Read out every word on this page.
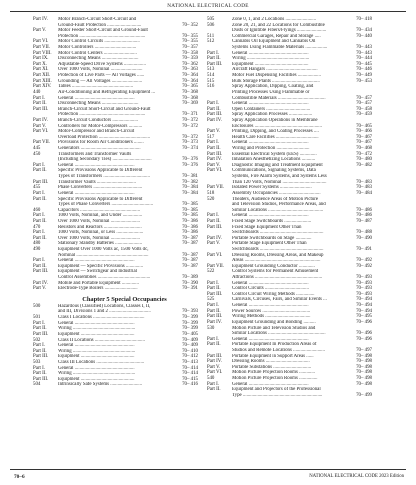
NATIONAL ELECTRICAL CODE
Part IV.	Motor Branch-Circuit Short-Circuit and
Ground-Fault Protection ............................	70– 352
Part V.	Motor Feeder Short-Circuit and Ground-Fault
Protection ......................................................	70– 355
Part VI.	Motor Control Circuits .............................	70– 355
Part VII.	Motor Controllers ..................................	70– 357
Part VIII.	Motor Control Centers ...........................	70– 358
Part IX.	Disconnecting Means ..............................	70– 359
Part X.	Adjustable-Speed Drive Systems ..................	70– 362
Part XI.	Over 1000 Volts, Nominal ..........................	70– 363
Part XII.	Protection of Live Parts — All Voltages ......	70– 364
Part XIII.	Grounding — All Voltages .........................	70– 364
Part XIV.	Tables ..................................................	70– 365
440	Air-Conditioning and Refrigerating Equipment ...	70– 368
Part I.	General .................................................	70– 368
Part II.	Disconnecting Means ..............................	70– 369
Part III.	Branch-Circuit Short-Circuit and Ground-Fault
Protection ......................................................	70– 371
Part IV.	Branch-Circuit Conductors .....................	70– 372
Part V.	Controllers for Motor-Compressors ...........	70– 372
Part VI.	Motor-Compressor and Branch-Circuit
Overload Protection ..........................................	70– 372
Part VII.	Provisions for Room Air Conditioners ........	70– 373
445	Generators .................................................	70– 374
450	Transformers and Transformer Vaults
(Including Secondary Ties) ................................	70– 376
Part I.	General .................................................	70– 376
Part II.	Specific Provisions Applicable to Different
Types of Transformers ......................................	70– 381
Part III.	Transformer Vaults ................................	70– 382
455	Phase Converters ........................................	70– 384
Part I.	General .................................................	70– 384
Part II.	Specific Provisions Applicable to Different
Types of Phase Converters ..................................	70– 385
460	Capacitors .................................................	70– 385
Part I.	1000 Volts, Nominal, and Under ................	70– 385
Part II.	Over 1000 Volts, Nominal ........................	70– 386
470	Resistors and Reactors ...............................	70– 386
Part I.	1000 Volts, Nominal, or Less ......................	70– 386
Part II.	Over 1000 Volts, Nominal ........................	70– 387
480	Stationary Standby Batteries ......................	70– 387
490	Equipment Over 1000 Volts ac, 1500 Volts dc,
Nominal ...........................................................	70– 387
Part I.	General .................................................	70– 387
Part II.	Equipment — Specific Provisions ..............	70– 387
Part III.	Equipment — Switchgear and Industrial
Control Assemblies ...........................................	70– 389
Part IV.	Mobile and Portable Equipment ..............	70– 390
Part V.	Electrode-Type Boilers ...........................	70– 391
Chapter 5 Special Occupancies
500	Hazardous (Classified) Locations, Classes I, II,
and III, Divisions 1 and 2 ..................................	70– 393
501	Class I Locations ..........................................	70– 399
Part I.	General .................................................	70– 399
Part II.	Wiring ...................................................	70– 399
Part III.	Equipment ............................................	70– 405
502	Class II Locations .........................................	70– 409
Part I.	General .................................................	70– 409
Part II.	Wiring ...................................................	70– 410
Part III.	Equipment ............................................	70– 412
503	Class III Locations .......................................	70– 413
Part I.	General .................................................	70– 414
Part II.	Wiring ...................................................	70– 414
Part III.	Equipment ............................................	70– 415
504	Intrinsically Safe Systems ..........................	70– 416
505	Zone 0, 1, and 2 Locations .........................	70– 418
506	Zone 20, 21, and 22 Locations for Combustible
Dusts or Ignitible Fibers/Flyings ........................	70– 434
511	Commercial Garages, Repair and Storage .....	70– 440
512	Cannabis Oil Equipment and Cannabis Oil
Systems Using Flammable Materials ..................	70– 443
Part I.	General .................................................	70– 443
Part II.	Wiring ...................................................	70– 444
Part III.	Equipment ............................................	70– 445
513	Aircraft Hangars ..........................................	70– 446
514	Motor Fuel Dispensing Facilities ...................	70– 449
515	Bulk Storage Plants .......................................	70– 453
516	Spray Application, Dipping, Coating, and
Printing Processes Using Flammable or
Combustible Materials .......................................	70– 457
Part I.	General .................................................	70– 457
Part II.	Open Containers ....................................	70– 458
Part III.	Spray Application Processes ...................	70– 459
Part IV.	Spray Application Operations in Membrane
Enclosures .......................................................	70– 465
Part V.	Printing, Dipping, and Coating Processes ....	70– 466
517	Health Care Facilities ...................................	70– 467
Part I.	General .................................................	70– 467
Part II.	Wiring and Protection ...........................	70– 468
Part III.	Essential Electrical System (EES) ..............	70– 472
Part IV.	Inhalation Anesthetizing Locations ...........	70– 480
Part V.	Diagnostic Imaging and Treatment Equipment	70– 482
Part VI.	Communications, Signaling Systems, Data
Systems, Fire Alarm Systems, and Systems Less
Than 120 Volts, Nominal ....................................	70– 483
Part VII.	Isolated Power Systems ..........................	70– 483
518	Assembly Occupancies ..................................	70– 484
520	Theaters, Audience Areas of Motion Picture
and Television Studios, Performance Areas, and
Similar Locations .............................................	70– 486
Part I.	General .................................................	70– 486
Part II.	Fixed Stage Switchboards ......................	70– 487
Part III.	Fixed Stage Equipment Other Than
Switchboards ....................................................	70– 488
Part IV.	Portable Switchboards on Stage .............	70– 490
Part V.	Portable Stage Equipment Other Than
Switchboards ....................................................	70– 491
Part VI.	Dressing Rooms, Dressing Areas, and Makeup
Areas ..............................................................	70– 492
Part VII.	Equipment Grounding Conductor .............	70– 492
522	Control Systems for Permanent Amusement
Attractions .......................................................	70– 493
Part I.	General .................................................	70– 493
Part II.	Control Circuits ....................................	70– 493
Part III.	Control Circuit Wiring Methods ...............	70– 493
525	Carnivals, Circuses, Fairs, and Similar Events ...	70– 494
Part I.	General .................................................	70– 494
Part II.	Power Sources .......................................	70– 494
Part III.	Wiring Methods .....................................	70– 495
Part IV.	Equipment Grounding and Bonding ..........	70– 496
530	Motion Picture and Television Studios and
Similar Locations ...............................................	70– 496
Part I.	General .................................................	70– 496
Part II.	Portable Equipment In Production Areas of
Studios and Remote Locations ..........................	70– 497
Part III.	Portable Equipment in Support Areas ......	70– 498
Part IV.	Dressing Rooms ....................................	70– 498
Part V.	Portable Substations ...............................	70– 498
Part VI.	Motion Picture Projection Rooms .............	70– 498
540	Motion Picture Projection Rooms ...............	70– 498
Part I.	General .................................................	70– 498
Part II.	Equipment and Projectors of the Professional
Type .................................................................	70– 499
70–6	NATIONAL ELECTRICAL CODE 2023 Edition
